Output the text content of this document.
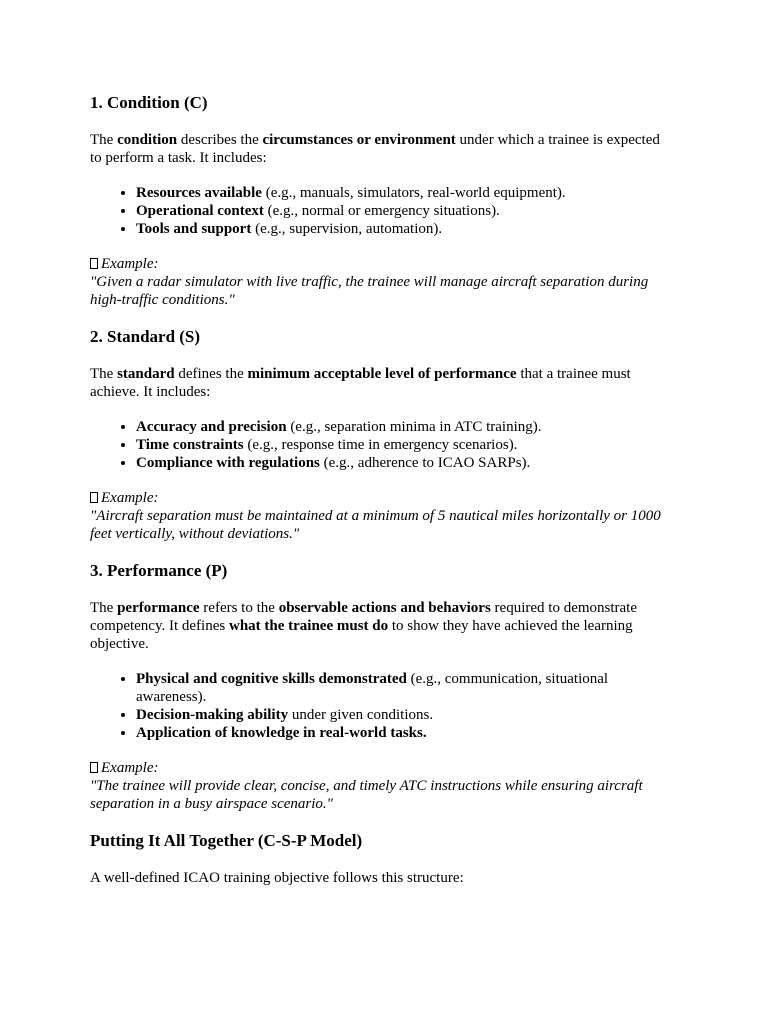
1. Condition (C)

The condition describes the circumstances or environment under which a trainee is expected to perform a task. It includes:

• Resources available (e.g., manuals, simulators, real-world equipment).
• Operational context (e.g., normal or emergency situations).
• Tools and support (e.g., supervision, automation).
Example:
"Given a radar simulator with live traffic, the trainee will manage aircraft separation during high-traffic conditions."
2. Standard (S)

The standard defines the minimum acceptable level of performance that a trainee must achieve. It includes:

• Accuracy and precision (e.g., separation minima in ATC training).
• Time constraints (e.g., response time in emergency scenarios).
• Compliance with regulations (e.g., adherence to ICAO SARPs).
Example:
"Aircraft separation must be maintained at a minimum of 5 nautical miles horizontally or 1000 feet vertically, without deviations."
3. Performance (P)

The performance refers to the observable actions and behaviors required to demonstrate competency. It defines what the trainee must do to show they have achieved the learning objective.

• Physical and cognitive skills demonstrated (e.g., communication, situational awareness).
• Decision-making ability under given conditions.
• Application of knowledge in real-world tasks.
Example:
"The trainee will provide clear, concise, and timely ATC instructions while ensuring aircraft separation in a busy airspace scenario."
Putting It All Together (C-S-P Model)

A well-defined ICAO training objective follows this structure:
